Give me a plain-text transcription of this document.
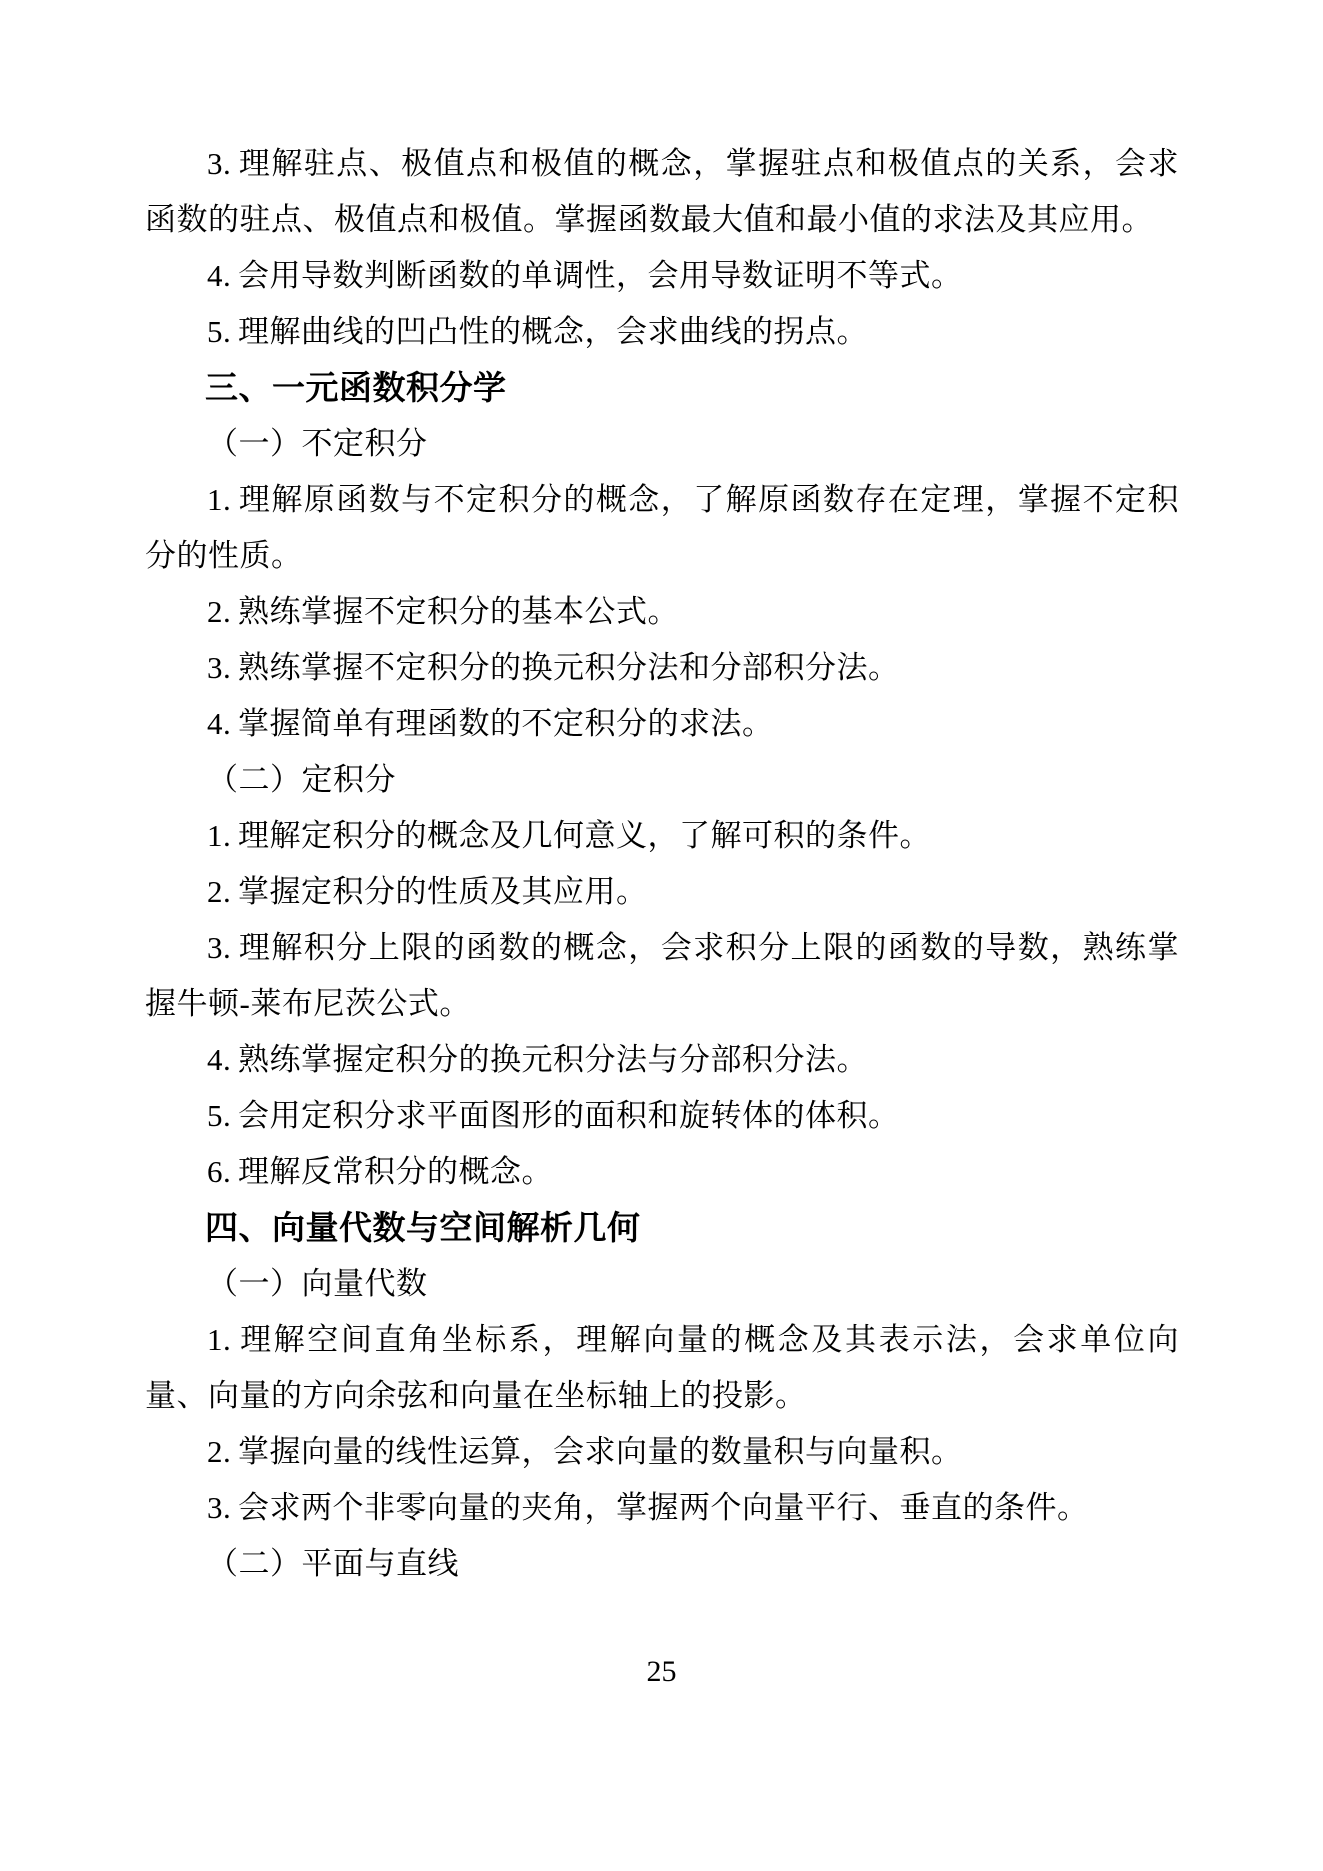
3. 理解驻点、极值点和极值的概念，掌握驻点和极值点的关系，会求函数的驻点、极值点和极值。掌握函数最大值和最小值的求法及其应用。

4. 会用导数判断函数的单调性，会用导数证明不等式。

5. 理解曲线的凹凸性的概念，会求曲线的拐点。

三、一元函数积分学

（一）不定积分

1. 理解原函数与不定积分的概念，了解原函数存在定理，掌握不定积分的性质。

2. 熟练掌握不定积分的基本公式。

3. 熟练掌握不定积分的换元积分法和分部积分法。

4. 掌握简单有理函数的不定积分的求法。

（二）定积分

1. 理解定积分的概念及几何意义，了解可积的条件。

2. 掌握定积分的性质及其应用。

3. 理解积分上限的函数的概念，会求积分上限的函数的导数，熟练掌握牛顿-莱布尼茨公式。

4. 熟练掌握定积分的换元积分法与分部积分法。

5. 会用定积分求平面图形的面积和旋转体的体积。

6. 理解反常积分的概念。

四、向量代数与空间解析几何

（一）向量代数

1. 理解空间直角坐标系，理解向量的概念及其表示法，会求单位向量、向量的方向余弦和向量在坐标轴上的投影。

2. 掌握向量的线性运算，会求向量的数量积与向量积。

3. 会求两个非零向量的夹角，掌握两个向量平行、垂直的条件。

（二）平面与直线

25
